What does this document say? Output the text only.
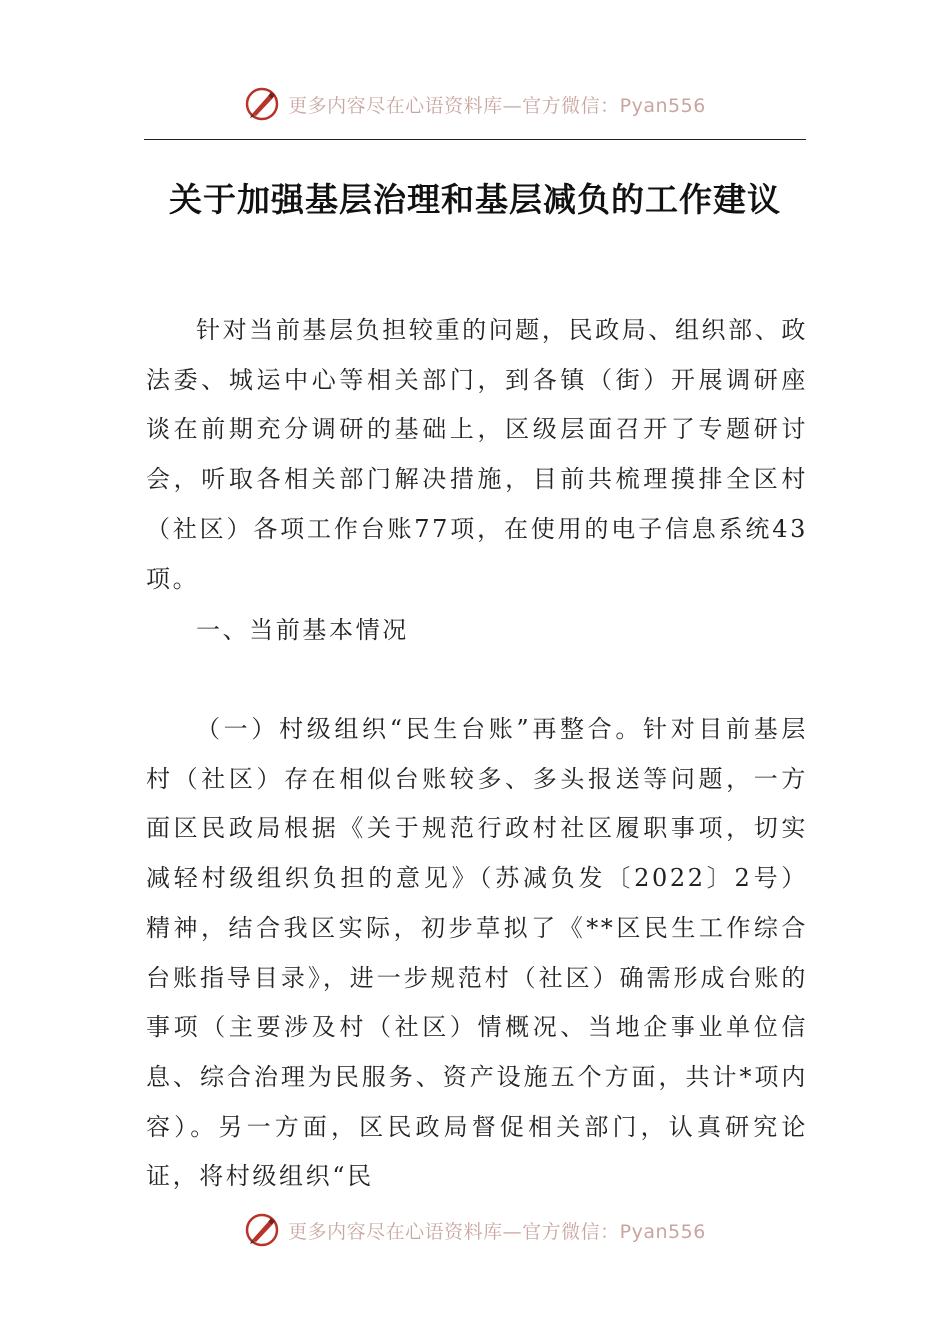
更多内容尽在心语资料库—官方微信：Pyan556
关于加强基层治理和基层减负的工作建议

针对当前基层负担较重的问题，民政局、组织部、政法委、城运中心等相关部门，到各镇（街）开展调研座谈在前期充分调研的基础上，区级层面召开了专题研讨会，听取各相关部门解决措施，目前共梳理摸排全区村（社区）各项工作台账77项，在使用的电子信息系统43项。

一、当前基本情况

（一）村级组织“民生台账”再整合。针对目前基层村（社区）存在相似台账较多、多头报送等问题，一方面区民政局根据《关于规范行政村社区履职事项，切实减轻村级组织负担的意见》（苏减负发〔2022〕2号）精神，结合我区实际，初步草拟了《**区民生工作综合台账指导目录》，进一步规范村（社区）确需形成台账的事项（主要涉及村（社区）情概况、当地企事业单位信息、综合治理为民服务、资产设施五个方面，共计*项内容）。另一方面，区民政局督促相关部门，认真研究论证，将村级组织“民

更多内容尽在心语资料库—官方微信：Pyan556
